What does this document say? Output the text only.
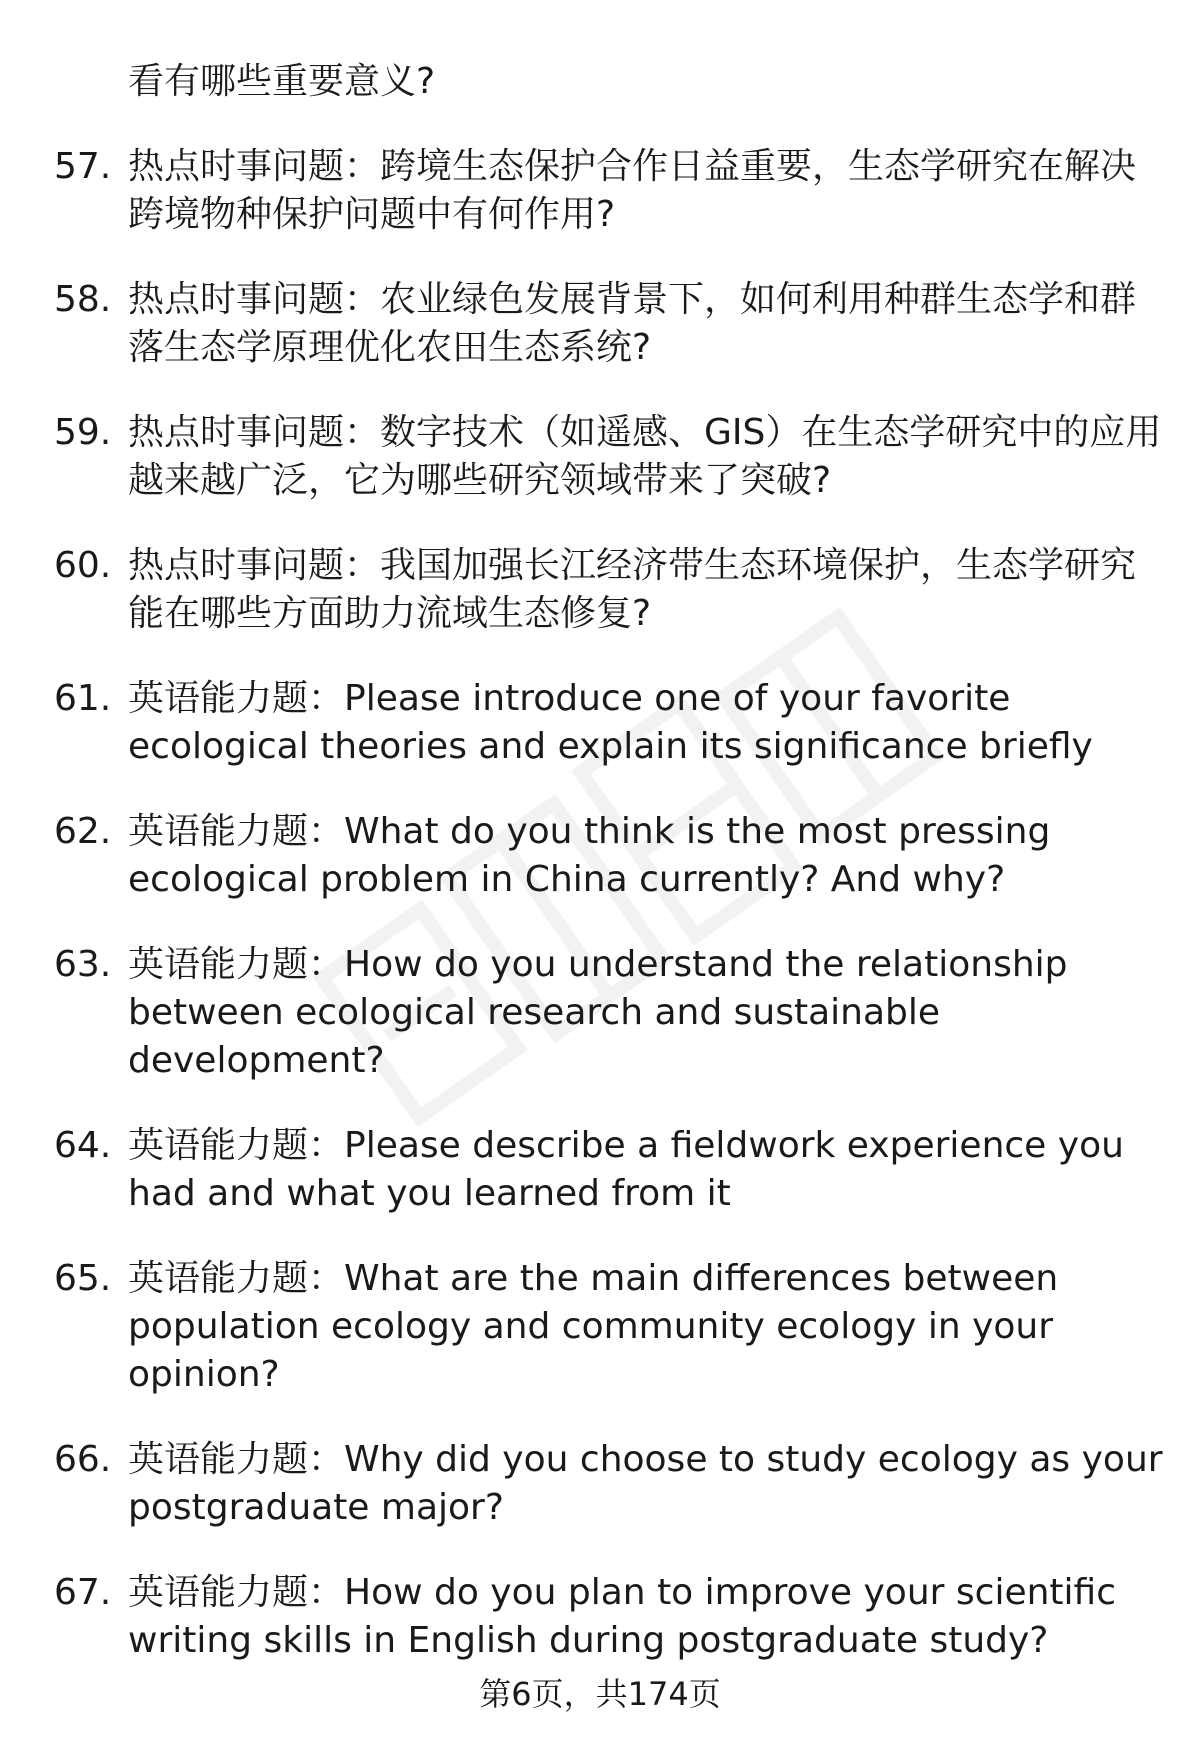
看有哪些重要意义?
57. 热点时事问题：跨境生态保护合作日益重要，生态学研究在解决跨境物种保护问题中有何作用?
58. 热点时事问题：农业绿色发展背景下，如何利用种群生态学和群落生态学原理优化农田生态系统?
59. 热点时事问题：数字技术（如遥感、GIS）在生态学研究中的应用越来越广泛，它为哪些研究领域带来了突破?
60. 热点时事问题：我国加强长江经济带生态环境保护，生态学研究能在哪些方面助力流域生态修复?
61. 英语能力题：Please introduce one of your favorite ecological theories and explain its significance briefly
62. 英语能力题：What do you think is the most pressing ecological problem in China currently? And why?
63. 英语能力题：How do you understand the relationship between ecological research and sustainable development?
64. 英语能力题：Please describe a fieldwork experience you had and what you learned from it
65. 英语能力题：What are the main differences between population ecology and community ecology in your opinion?
66. 英语能力题：Why did you choose to study ecology as your postgraduate major?
67. 英语能力题：How do you plan to improve your scientific writing skills in English during postgraduate study?
第6页，共174页
